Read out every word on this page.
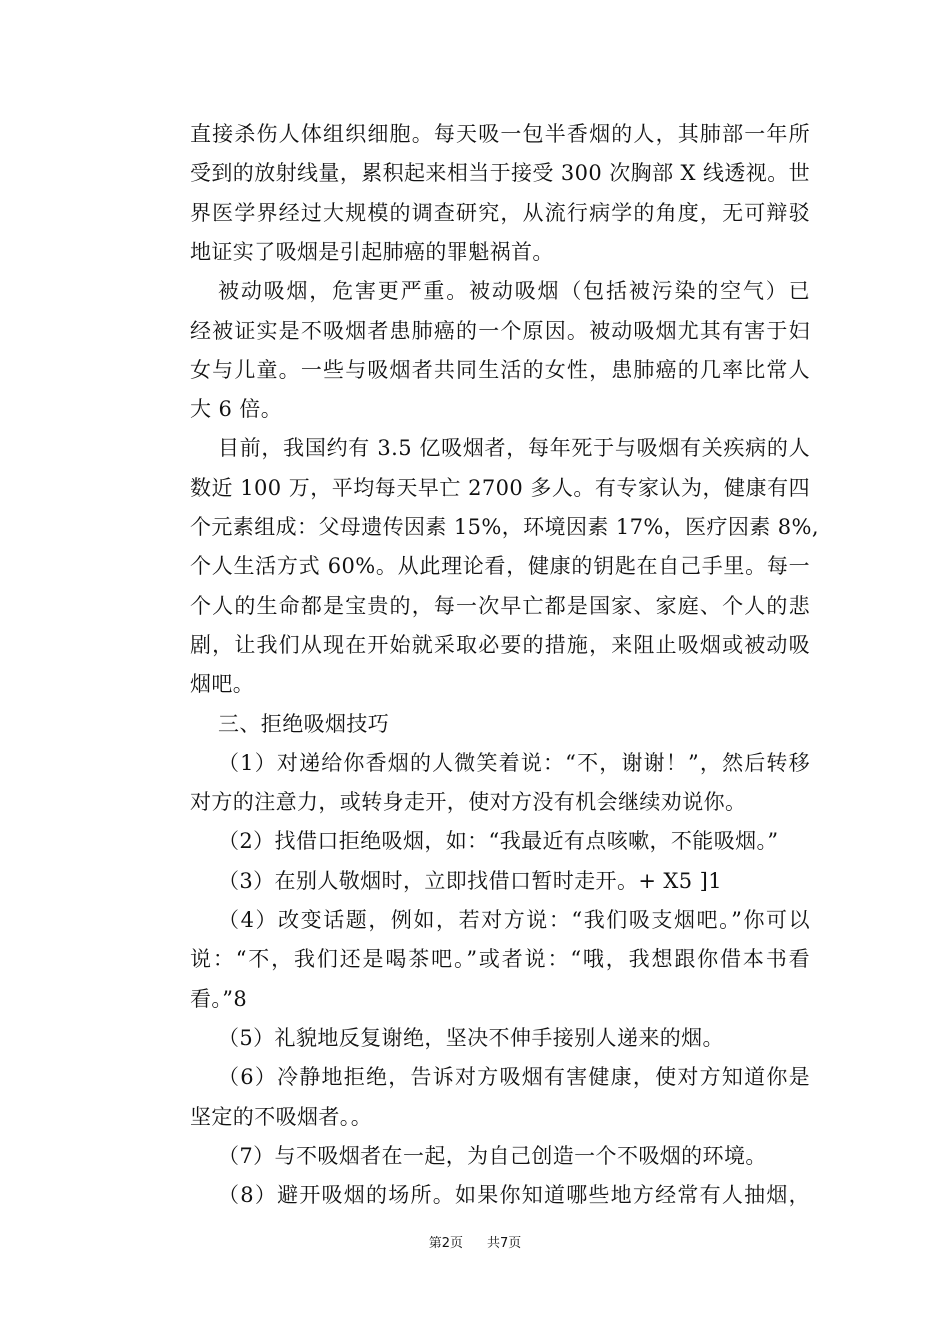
直接杀伤人体组织细胞。每天吸一包半香烟的人，其肺部一年所
受到的放射线量，累积起来相当于接受 300 次胸部 X 线透视。世
界医学界经过大规模的调查研究，从流行病学的角度，无可辩驳
地证实了吸烟是引起肺癌的罪魁祸首。
被动吸烟，危害更严重。被动吸烟（包括被污染的空气）已
经被证实是不吸烟者患肺癌的一个原因。被动吸烟尤其有害于妇
女与儿童。一些与吸烟者共同生活的女性，患肺癌的几率比常人
大 6 倍。
目前，我国约有 3.5 亿吸烟者，每年死于与吸烟有关疾病的人
数近 100 万，平均每天早亡 2700 多人。有专家认为，健康有四
个元素组成：父母遗传因素 15%，环境因素 17%，医疗因素 8%,
个人生活方式 60%。从此理论看，健康的钥匙在自己手里。每一
个人的生命都是宝贵的，每一次早亡都是国家、家庭、个人的悲
剧，让我们从现在开始就采取必要的措施，来阻止吸烟或被动吸
烟吧。
三、拒绝吸烟技巧
（1）对递给你香烟的人微笑着说：“不，谢谢！”，然后转移
对方的注意力，或转身走开，使对方没有机会继续劝说你。
（2）找借口拒绝吸烟，如：“我最近有点咳嗽，不能吸烟。”
（3）在别人敬烟时，立即找借口暂时走开。+ X5 ]1
（4）改变话题，例如，若对方说：“我们吸支烟吧。”你可以
说：“不，我们还是喝茶吧。”或者说：“哦，我想跟你借本书看
看。”8
（5）礼貌地反复谢绝，坚决不伸手接别人递来的烟。
（6）冷静地拒绝，告诉对方吸烟有害健康，使对方知道你是
坚定的不吸烟者。。
（7）与不吸烟者在一起，为自己创造一个不吸烟的环境。
（8）避开吸烟的场所。如果你知道哪些地方经常有人抽烟，
第2页 共7页
